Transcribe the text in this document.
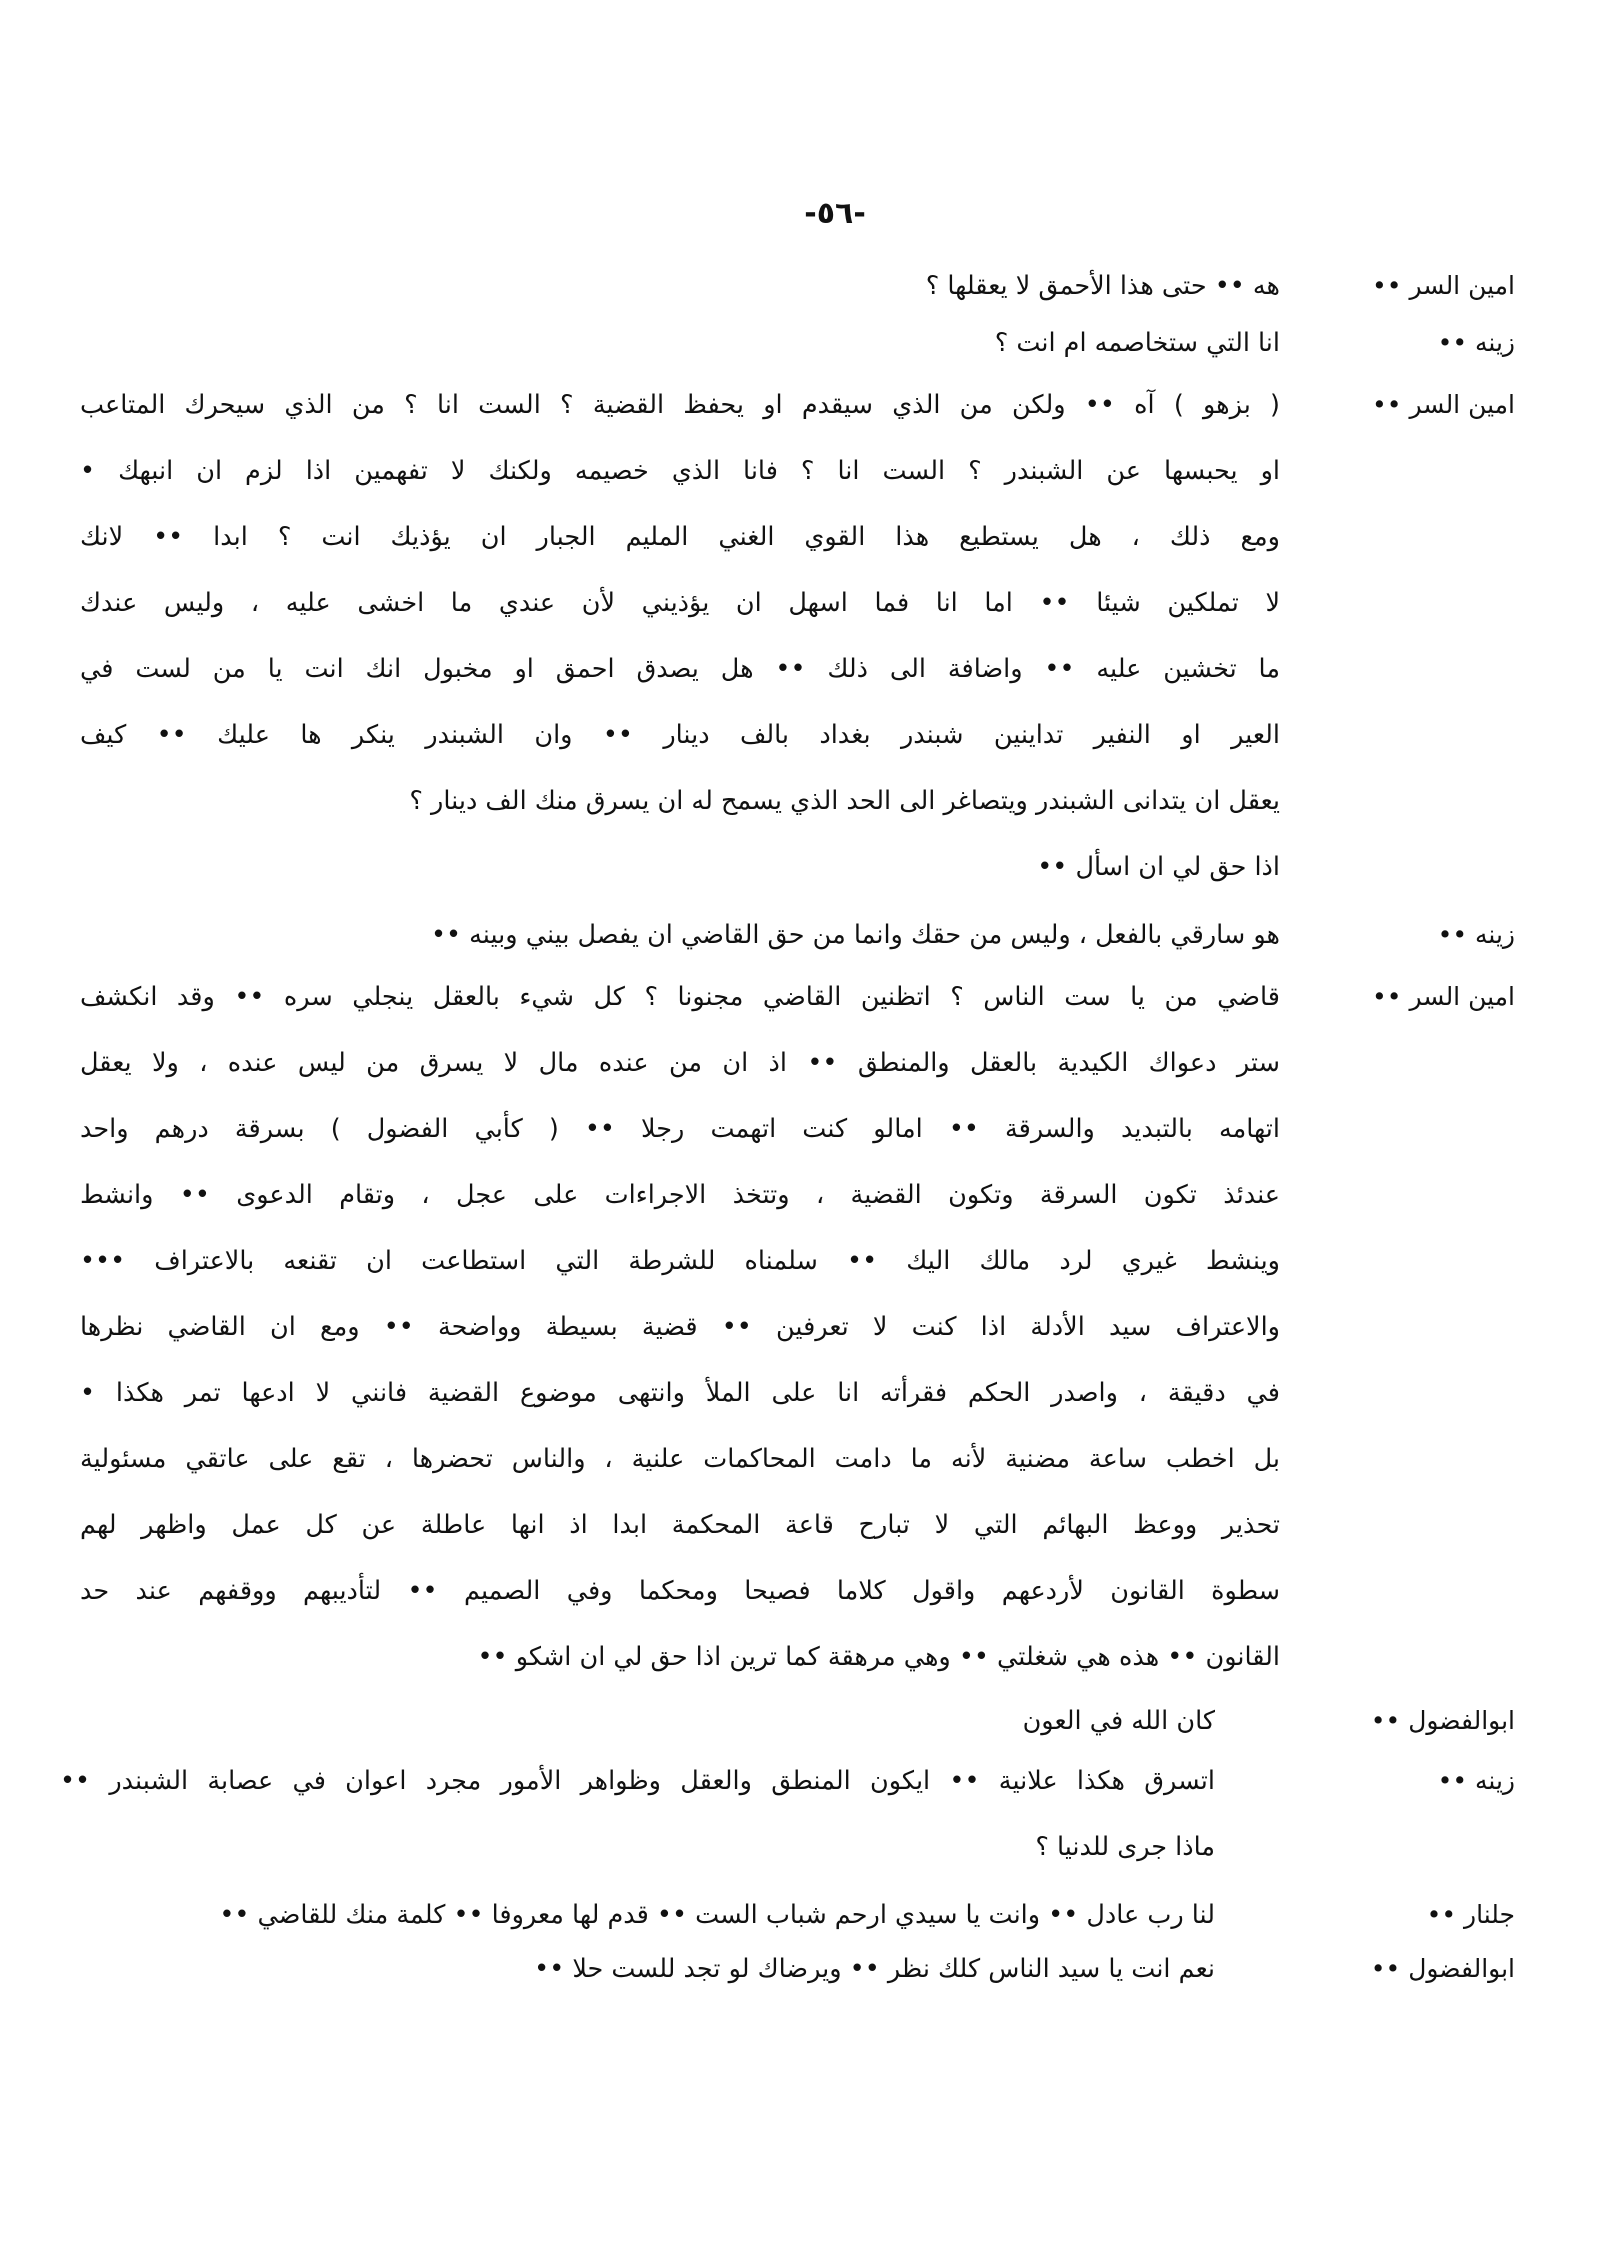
-٥٦-
امين السر ••
هه •• حتى هذا الأحمق لا يعقلها ؟
زينه ••
انا التي ستخاصمه ام انت ؟
امين السر ••
( بزهو ) آه •• ولكن من الذي سيقدم او يحفظ القضية ؟ الست انا ؟ من الذي سيحرك المتاعب
او يحبسها عن الشبندر ؟ الست انا ؟ فانا الذي خصيمه ولكنك لا تفهمين اذا لزم ان انبهك •
ومع ذلك ، هل يستطيع هذا القوي الغني المليم الجبار ان يؤذيك انت ؟ ابدا •• لانك
لا تملكين شيئا •• اما انا فما اسهل ان يؤذيني لأن عندي ما اخشى عليه ، وليس عندك
ما تخشين عليه •• واضافة الى ذلك •• هل يصدق احمق او مخبول انك انت يا من لست في
العير او النفير تداينين شبندر بغداد بالف دينار •• وان الشبندر ينكر ها عليك •• كيف
يعقل ان يتدانى الشبندر ويتصاغر الى الحد الذي يسمح له ان يسرق منك الف دينار ؟
اذا حق لي ان اسأل ••
زينه ••
هو سارقي بالفعل ، وليس من حقك وانما من حق القاضي ان يفصل بيني وبينه ••
امين السر ••
قاضي من يا ست الناس ؟ اتظنين القاضي مجنونا ؟ كل شيء بالعقل ينجلي سره •• وقد انكشف
ستر دعواك الكيدية بالعقل والمنطق •• اذ ان من عنده مال لا يسرق من ليس عنده ، ولا يعقل
اتهامه بالتبديد والسرقة •• امالو كنت اتهمت رجلا •• ( كأبي الفضول ) بسرقة درهم واحد
عندئذ تكون السرقة وتكون القضية ، وتتخذ الاجراءات على عجل ، وتقام الدعوى •• وانشط
وينشط غيري لرد مالك اليك •• سلمناه للشرطة التي استطاعت ان تقنعه بالاعتراف •••
والاعتراف سيد الأدلة اذا كنت لا تعرفين •• قضية بسيطة وواضحة •• ومع ان القاضي نظرها
في دقيقة ، واصدر الحكم فقرأته انا على الملأ وانتهى موضوع القضية فانني لا ادعها تمر هكذا •
بل اخطب ساعة مضنية لأنه ما دامت المحاكمات علنية ، والناس تحضرها ، تقع على عاتقي مسئولية
تحذير ووعظ البهائم التي لا تبارح قاعة المحكمة ابدا اذ انها عاطلة عن كل عمل واظهر لهم
سطوة القانون لأردعهم واقول كلاما فصيحا ومحكما وفي الصميم •• لتأديبهم ووقفهم عند حد
القانون •• هذه هي شغلتي •• وهي مرهقة كما ترين اذا حق لي ان اشكو ••
ابوالفضول ••
كان الله في العون
زينه ••
اتسرق هكذا علانية •• ايكون المنطق والعقل وظواهر الأمور مجرد اعوان في عصابة الشبندر ••
ماذا جرى للدنيا ؟
جلنار ••
لنا رب عادل •• وانت يا سيدي ارحم شباب الست •• قدم لها معروفا •• كلمة منك للقاضي ••
ابوالفضول ••
نعم انت يا سيد الناس كلك نظر •• ويرضاك لو تجد للست حلا ••
